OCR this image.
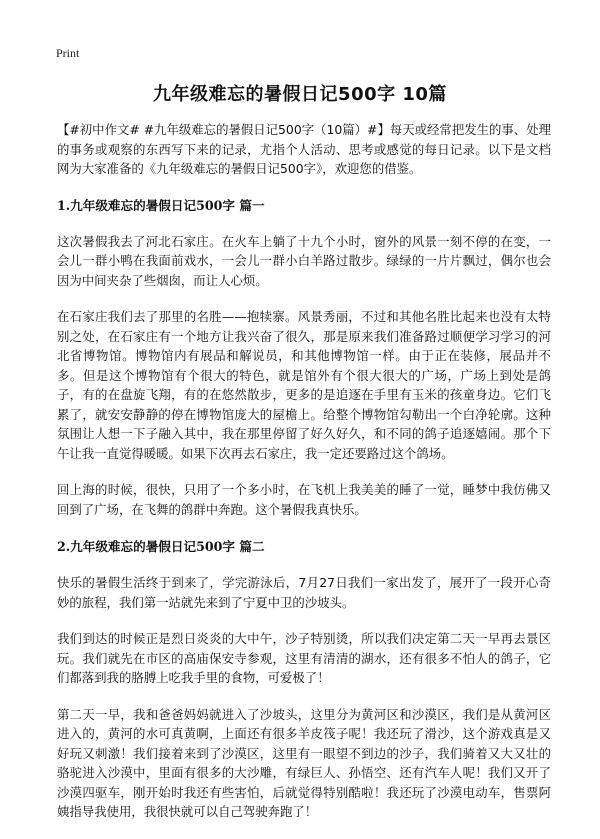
Print
九年级难忘的暑假日记500字 10篇

【#初中作文# #九年级难忘的暑假日记500字（10篇）#】每天或经常把发生的事、处理的事务或观察的东西写下来的记录，尤指个人活动、思考或感觉的每日记录。以下是文档网为大家准备的《九年级难忘的暑假日记500字》，欢迎您的借鉴。

1.九年级难忘的暑假日记500字 篇一

这次暑假我去了河北石家庄。在火车上躺了十九个小时，窗外的风景一刻不停的在变，一会儿一群小鸭在我面前戏水，一会儿一群小白羊路过散步。绿绿的一片片飘过，偶尔也会因为中间夹杂了些烟囱，而让人心烦。

在石家庄我们去了那里的名胜——抱犊寨。风景秀丽，不过和其他名胜比起来也没有太特别之处，在石家庄有一个地方让我兴奋了很久，那是原来我们准备路过顺便学习学习的河北省博物馆。博物馆内有展品和解说员，和其他博物馆一样。由于正在装修，展品并不多。但是这个博物馆有个很大的特色，就是馆外有个很大很大的广场，广场上到处是鸽子，有的在盘旋飞翔，有的在悠然散步，更多的是追逐在手里有玉米的孩童身边。它们飞累了，就安安静静的停在博物馆庞大的屋檐上。给整个博物馆勾勒出一个白净轮廓。这种氛围让人想一下子融入其中，我在那里停留了好久好久，和不同的鸽子追逐嬉闹。那个下午让我一直觉得暖暖。如果下次再去石家庄，我一定还要路过这个鸽场。

回上海的时候，很快，只用了一个多小时，在飞机上我美美的睡了一觉，睡梦中我仿佛又回到了广场，在飞舞的鸽群中奔跑。这个暑假我真快乐。

2.九年级难忘的暑假日记500字 篇二

快乐的暑假生活终于到来了，学完游泳后，7月27日我们一家出发了，展开了一段开心奇妙的旅程，我们第一站就先来到了宁夏中卫的沙坡头。

我们到达的时候正是烈日炎炎的大中午，沙子特别烫，所以我们决定第二天一早再去景区玩。我们就先在市区的高庙保安寺参观，这里有清清的湖水，还有很多不怕人的鸽子，它们都落到我的胳膊上吃我手里的食物，可爱极了！

第二天一早，我和爸爸妈妈就进入了沙坡头，这里分为黄河区和沙漠区，我们是从黄河区进入的，黄河的水可真黄啊，上面还有很多羊皮筏子呢！我还玩了滑沙，这个游戏真是又好玩又刺激！我们接着来到了沙漠区，这里有一眼望不到边的沙子，我们骑着又大又壮的骆驼进入沙漠中，里面有很多的大沙雕，有绿巨人、孙悟空、还有汽车人呢！我们又开了沙漠四驱车，刚开始时我还有些害怕，后就觉得特别酷啦！我还玩了沙漠电动车，售票阿姨指导我使用，我很快就可以自己驾驶奔跑了！
